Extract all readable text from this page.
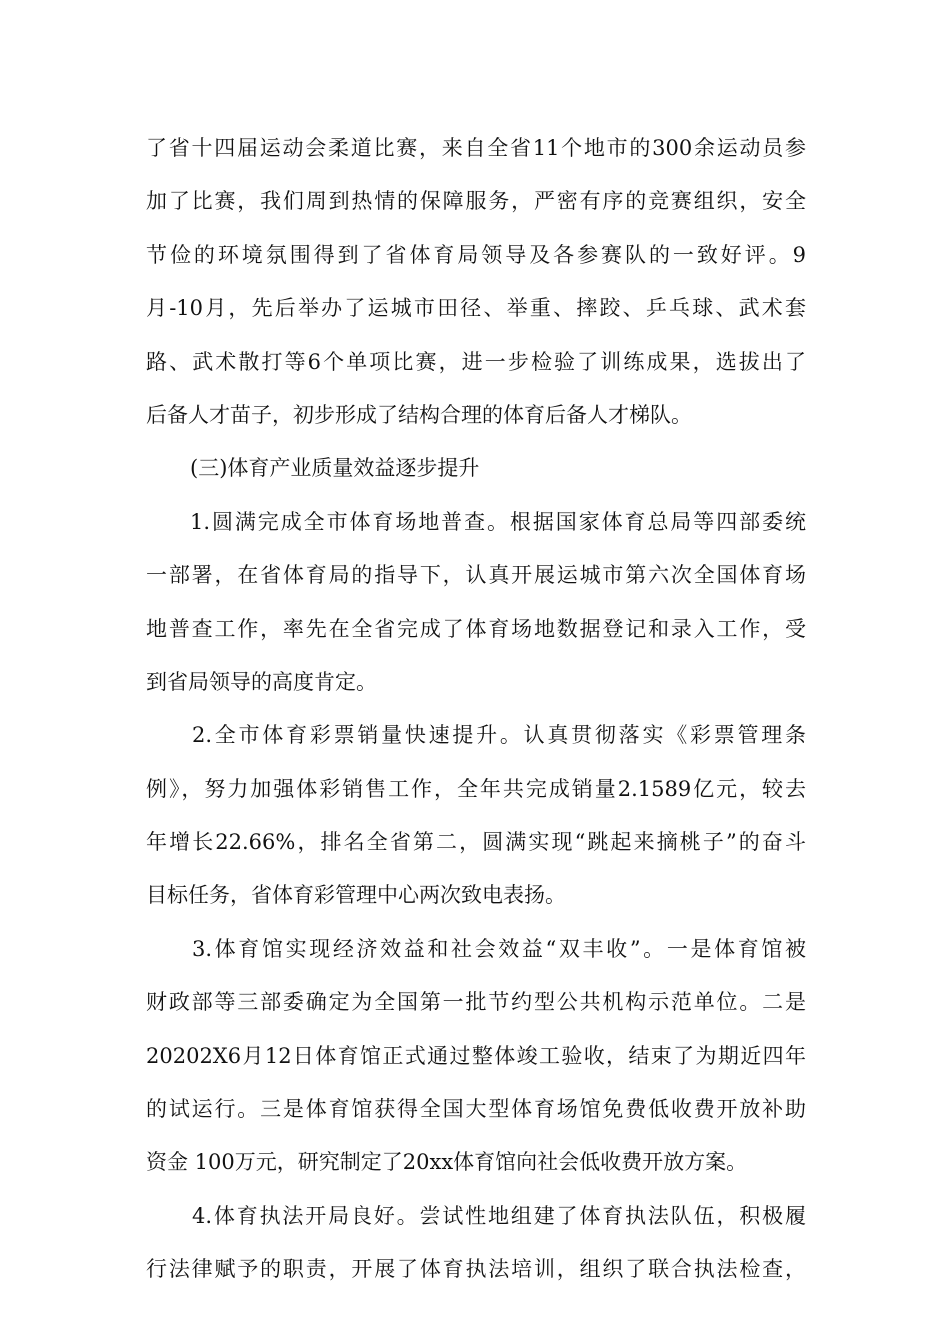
了省十四届运动会柔道比赛，来自全省11个地市的300余运动员参
加了比赛，我们周到热情的保障服务，严密有序的竞赛组织，安全
节俭的环境氛围得到了省体育局领导及各参赛队的一致好评。9
月-10月，先后举办了运城市田径、举重、摔跤、乒乓球、武术套
路、武术散打等6个单项比赛，进一步检验了训练成果，选拔出了
后备人才苗子，初步形成了结构合理的体育后备人才梯队。
(三)体育产业质量效益逐步提升
1.圆满完成全市体育场地普查。根据国家体育总局等四部委统
一部署，在省体育局的指导下，认真开展运城市第六次全国体育场
地普查工作，率先在全省完成了体育场地数据登记和录入工作，受
到省局领导的高度肯定。
2.全市体育彩票销量快速提升。认真贯彻落实《彩票管理条
例》，努力加强体彩销售工作，全年共完成销量2.1589亿元，较去
年增长22.66%，排名全省第二，圆满实现“跳起来摘桃子”的奋斗
目标任务，省体育彩管理中心两次致电表扬。
3.体育馆实现经济效益和社会效益“双丰收”。一是体育馆被
财政部等三部委确定为全国第一批节约型公共机构示范单位。二是
20202X6月12日体育馆正式通过整体竣工验收，结束了为期近四年
的试运行。三是体育馆获得全国大型体育场馆免费低收费开放补助
资金 100万元，研究制定了20xx体育馆向社会低收费开放方案。
4.体育执法开局良好。尝试性地组建了体育执法队伍，积极履
行法律赋予的职责，开展了体育执法培训，组织了联合执法检查，
